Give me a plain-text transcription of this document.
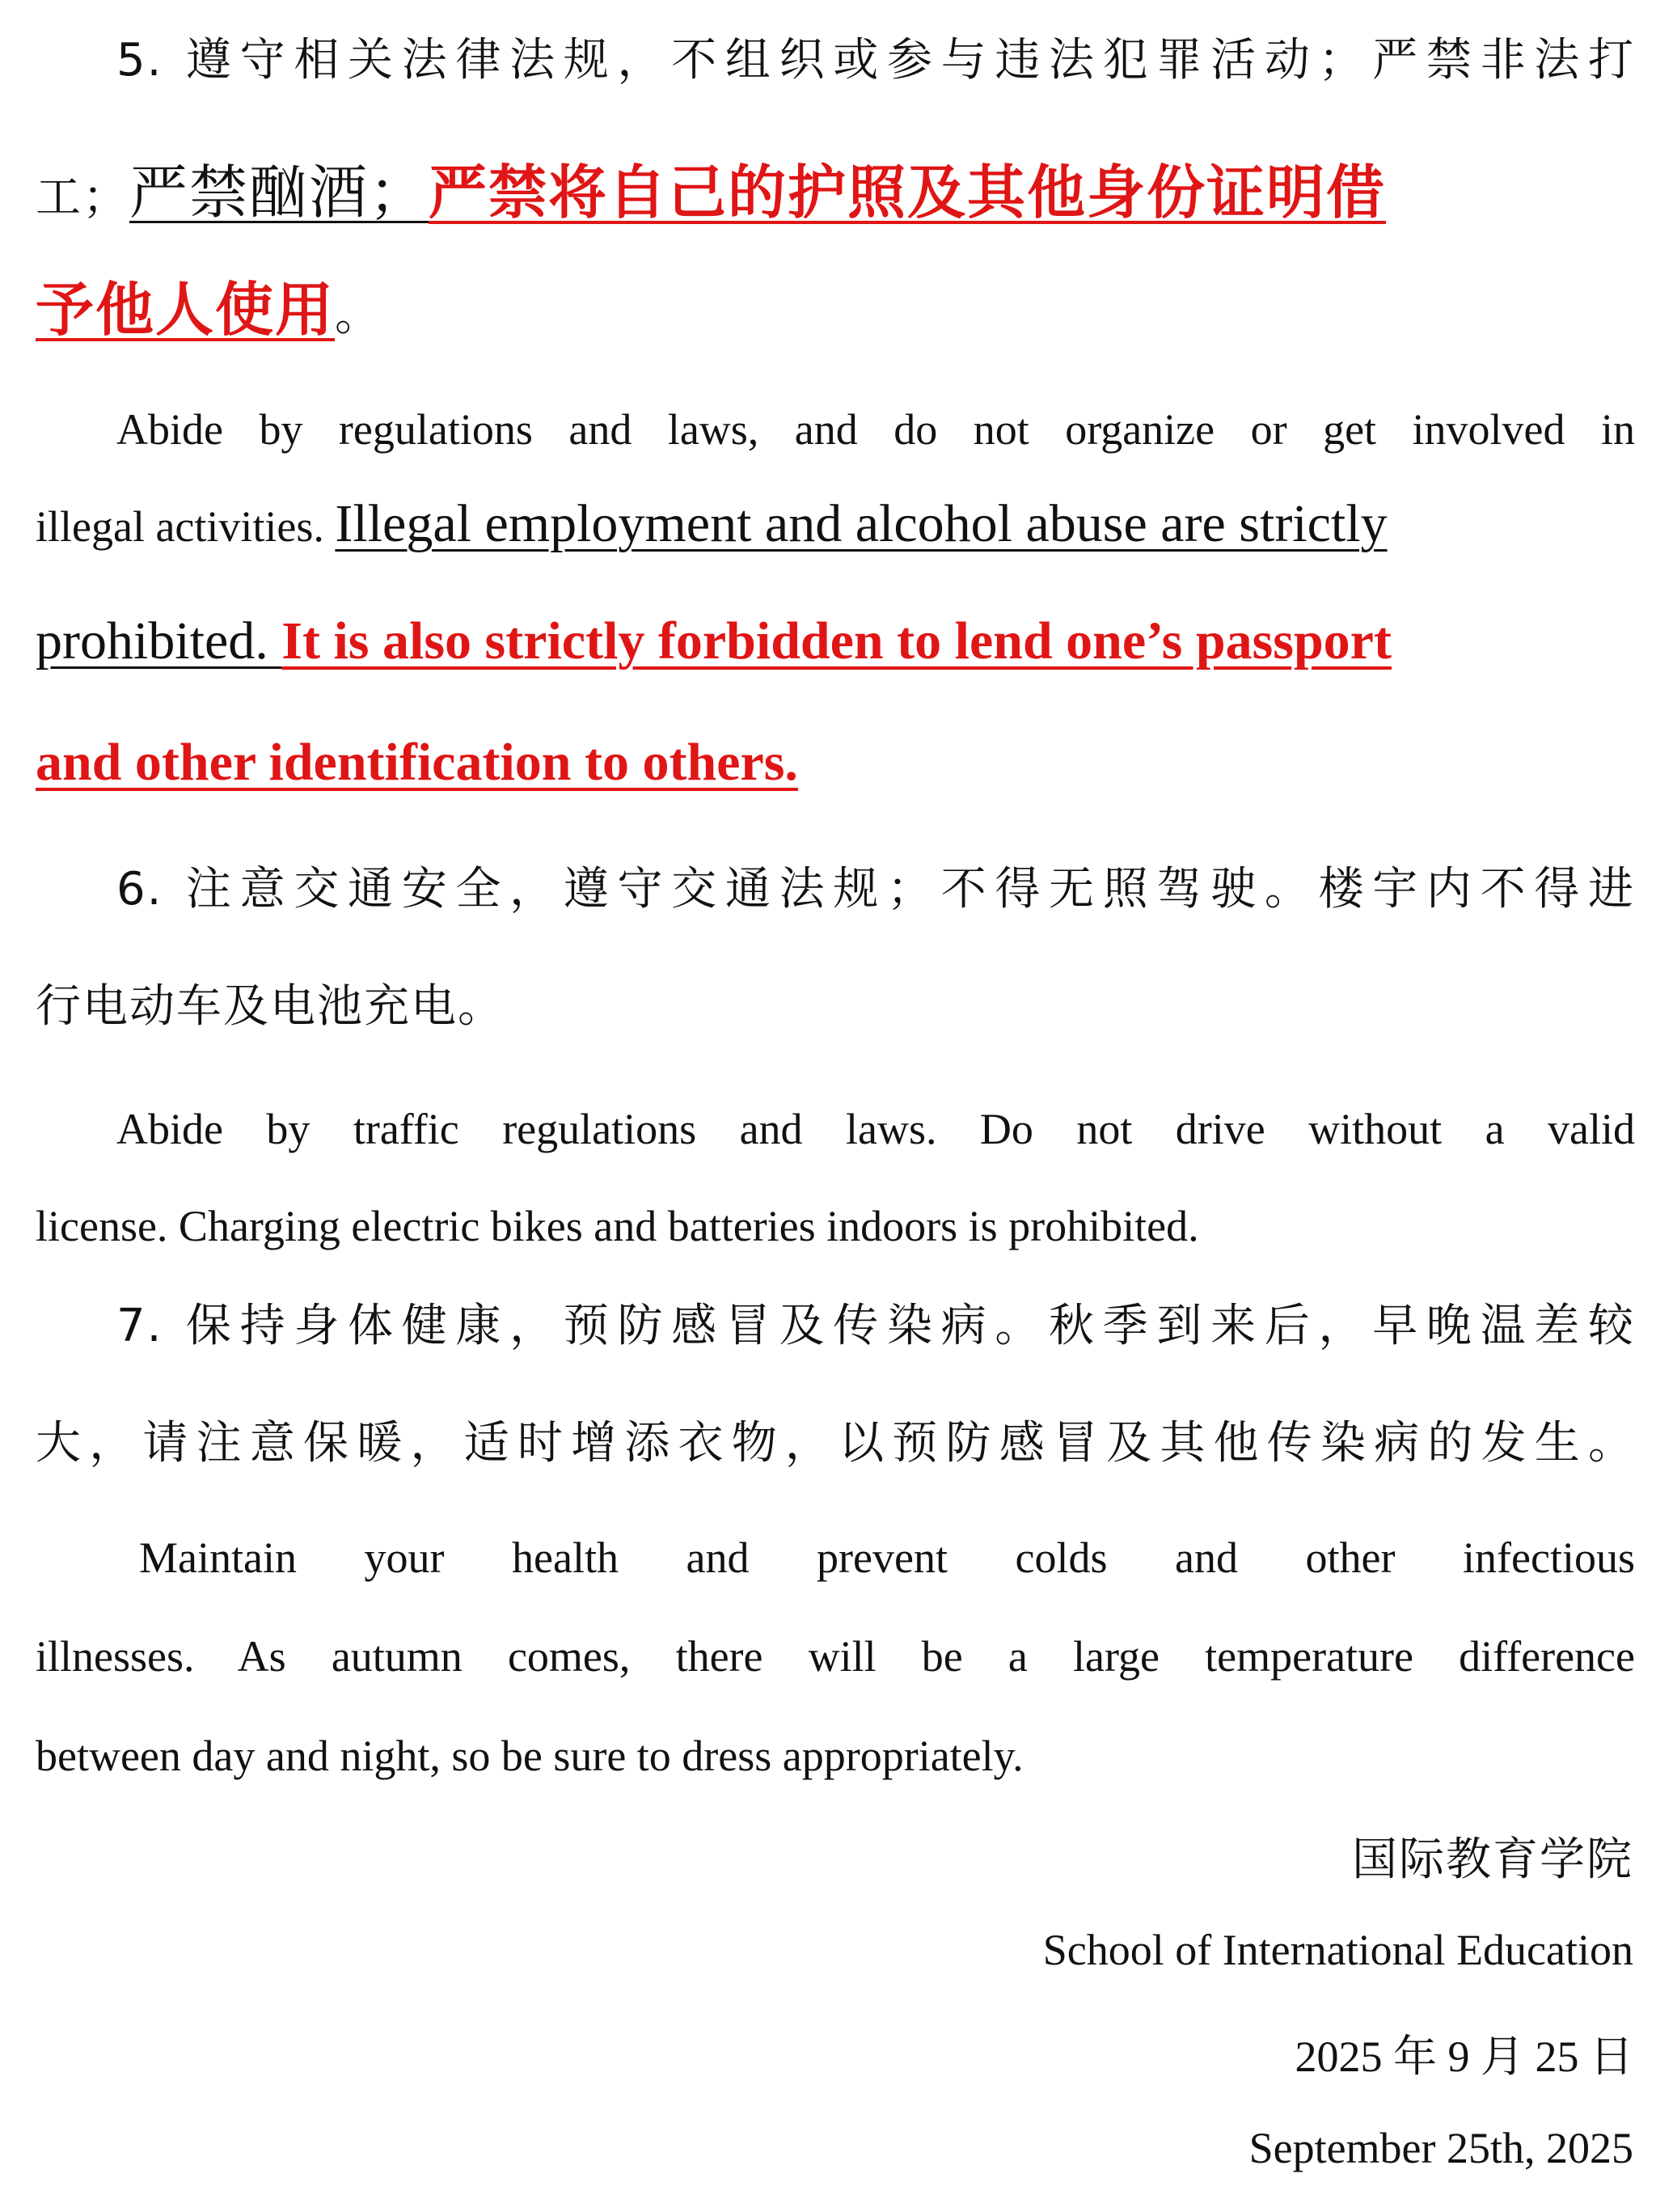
5. 遵守相关法律法规，不组织或参与违法犯罪活动；严禁非法打
工；严禁酗酒；严禁将自己的护照及其他身份证明借
予他人使用。
Abide by regulations and laws, and do not organize or get involved in
illegal activities. Illegal employment and alcohol abuse are strictly
prohibited. It is also strictly forbidden to lend one’s passport
and other identification to others.
6. 注意交通安全，遵守交通法规；不得无照驾驶。楼宇内不得进
行电动车及电池充电。
Abide by traffic regulations and laws. Do not drive without a valid
license. Charging electric bikes and batteries indoors is prohibited.
7. 保持身体健康，预防感冒及传染病。秋季到来后，早晚温差较
大，请注意保暖，适时增添衣物，以预防感冒及其他传染病的发生。
Maintain your health and prevent colds and other infectious
illnesses. As autumn comes, there will be a large temperature difference
between day and night, so be sure to dress appropriately.
国际教育学院
School of International Education
2025 年 9 月 25 日
September 25th, 2025
